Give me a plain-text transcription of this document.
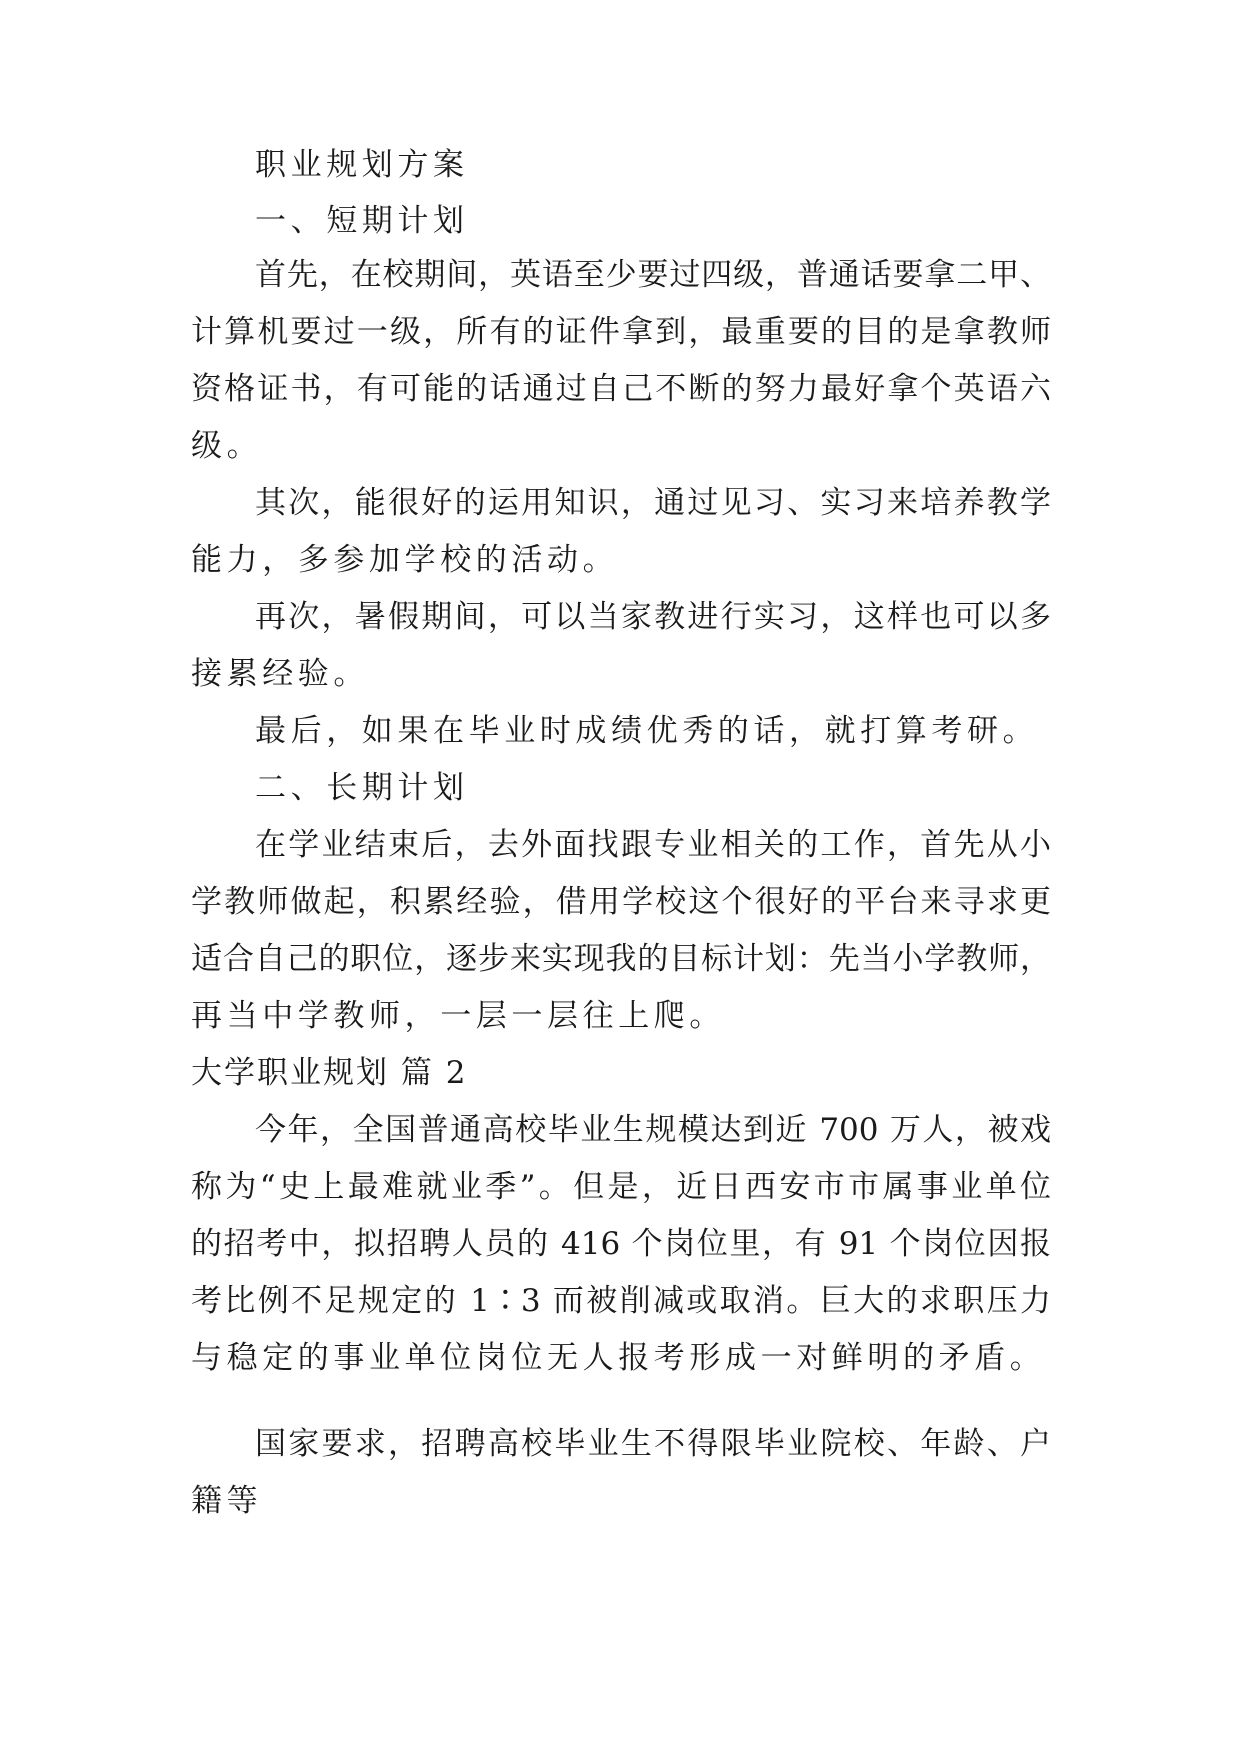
职业规划方案
一、短期计划
首先，在校期间，英语至少要过四级，普通话要拿二甲、
计算机要过一级，所有的证件拿到，最重要的目的是拿教师
资格证书，有可能的话通过自己不断的努力最好拿个英语六
级。
其次，能很好的运用知识，通过见习、实习来培养教学
能力，多参加学校的活动。
再次，暑假期间，可以当家教进行实习，这样也可以多
接累经验。
最后，如果在毕业时成绩优秀的话，就打算考研。
二、长期计划
在学业结束后，去外面找跟专业相关的工作，首先从小
学教师做起，积累经验，借用学校这个很好的平台来寻求更
适合自己的职位，逐步来实现我的目标计划：先当小学教师，
再当中学教师，一层一层往上爬。
大学职业规划 篇 2
今年，全国普通高校毕业生规模达到近 700 万人，被戏
称为“史上最难就业季”。但是，近日西安市市属事业单位
的招考中，拟招聘人员的 416 个岗位里，有 91 个岗位因报
考比例不足规定的 1∶3 而被削减或取消。巨大的求职压力
与稳定的事业单位岗位无人报考形成一对鲜明的矛盾。
国家要求，招聘高校毕业生不得限毕业院校、年龄、户
籍等
